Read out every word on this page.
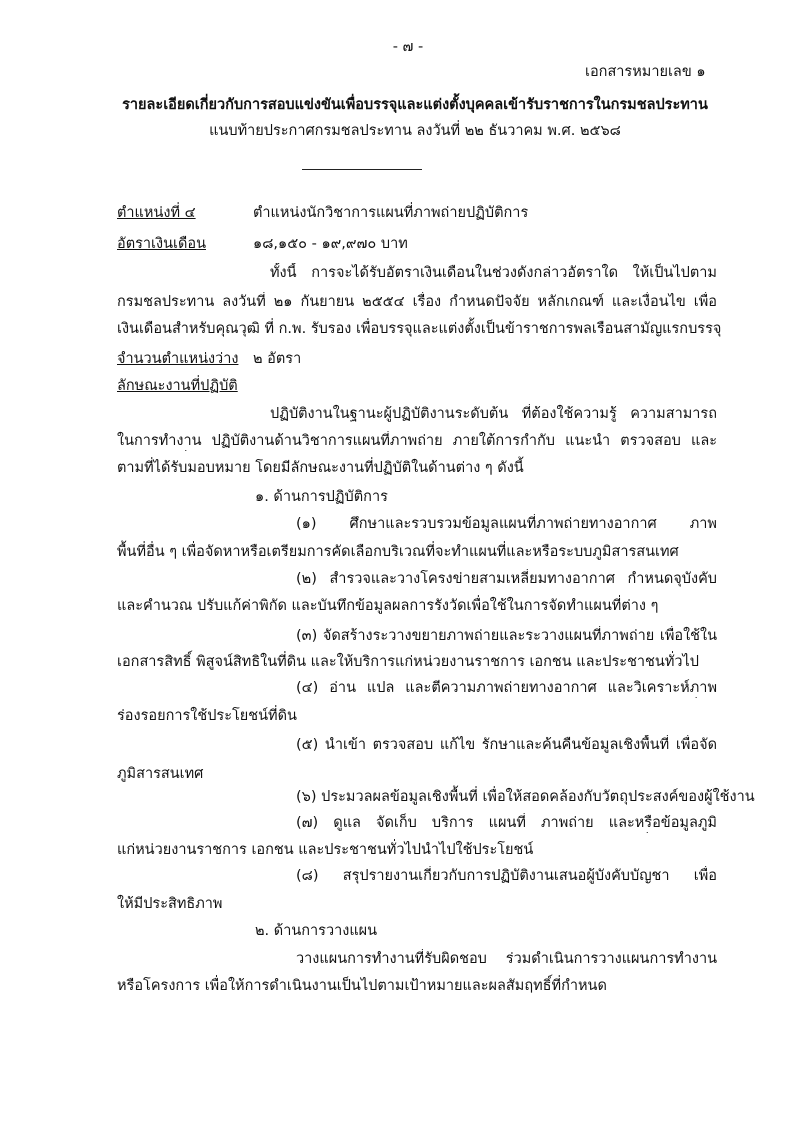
- ๗ -
เอกสารหมายเลข ๑
รายละเอียดเกี่ยวกับการสอบแข่งขันเพื่อบรรจุและแต่งตั้งบุคคลเข้ารับราชการในกรมชลประทาน
แนบท้ายประกาศกรมชลประทาน ลงวันที่ ๒๒ ธันวาคม พ.ศ. ๒๕๖๘
ตำแหน่งที่ ๔	ตำแหน่งนักวิชาการแผนที่ภาพถ่ายปฏิบัติการ
อัตราเงินเดือน	๑๘,๑๕๐ - ๑๙,๙๗๐ บาท
ทั้งนี้ การจะได้รับอัตราเงินเดือนในช่วงดังกล่าวอัตราใด ให้เป็นไปตาม
กรมชลประทาน ลงวันที่ ๒๑ กันยายน ๒๕๕๔ เรื่อง กำหนดปัจจัย หลักเกณฑ์ และเงื่อนไข เพื่อ
เงินเดือนสำหรับคุณวุฒิ ที่ ก.พ. รับรอง เพื่อบรรจุและแต่งตั้งเป็นข้าราชการพลเรือนสามัญแรกบรรจุ
จำนวนตำแหน่งว่าง ๒ อัตรา
ลักษณะงานที่ปฏิบัติ
ปฏิบัติงานในฐานะผู้ปฏิบัติงานระดับต้น ที่ต้องใช้ความรู้ ความสามารถ
ในการทำงาน ปฏิบัติงานด้านวิชาการแผนที่ภาพถ่าย ภายใต้การกำกับ แนะนำ ตรวจสอบ และ
ตามที่ได้รับมอบหมาย โดยมีลักษณะงานที่ปฏิบัติในด้านต่าง ๆ ดังนี้
๑. ด้านการปฏิบัติการ
(๑) ศึกษาและรวบรวมข้อมูลแผนที่ภาพถ่ายทางอากาศ ภาพ
พื้นที่อื่น ๆ เพื่อจัดหาหรือเตรียมการคัดเลือกบริเวณที่จะทำแผนที่และหรือระบบภูมิสารสนเทศ
(๒) สำรวจและวางโครงข่ายสามเหลี่ยมทางอากาศ กำหนดจุบังคับ
และคำนวณ ปรับแก้ค่าพิกัด และบันทึกข้อมูลผลการรังวัดเพื่อใช้ในการจัดทำแผนที่ต่าง ๆ
(๓) จัดสร้างระวางขยายภาพถ่ายและระวางแผนที่ภาพถ่าย เพื่อใช้ใน
เอกสารสิทธิ์ พิสูจน์สิทธิในที่ดิน และให้บริการแก่หน่วยงานราชการ เอกชน และประชาชนทั่วไป
(๔) อ่าน แปล และตีความภาพถ่ายทางอากาศ และวิเคราะห์ภาพ
ร่องรอยการใช้ประโยชน์ที่ดิน
(๕) นำเข้า ตรวจสอบ แก้ไข รักษาและค้นคืนข้อมูลเชิงพื้นที่ เพื่อจัด
ภูมิสารสนเทศ
(๖) ประมวลผลข้อมูลเชิงพื้นที่ เพื่อให้สอดคล้องกับวัตถุประสงค์ของผู้ใช้งาน
(๗) ดูแล จัดเก็บ บริการ แผนที่ ภาพถ่าย และหรือข้อมูลภูมิ
แก่หน่วยงานราชการ เอกชน และประชาชนทั่วไปนำไปใช้ประโยชน์
(๘) สรุปรายงานเกี่ยวกับการปฏิบัติงานเสนอผู้บังคับบัญชา เพื่อ
ให้มีประสิทธิภาพ
๒. ด้านการวางแผน
วางแผนการทำงานที่รับผิดชอบ ร่วมดำเนินการวางแผนการทำงาน
หรือโครงการ เพื่อให้การดำเนินงานเป็นไปตามเป้าหมายและผลสัมฤทธิ์ที่กำหนด
